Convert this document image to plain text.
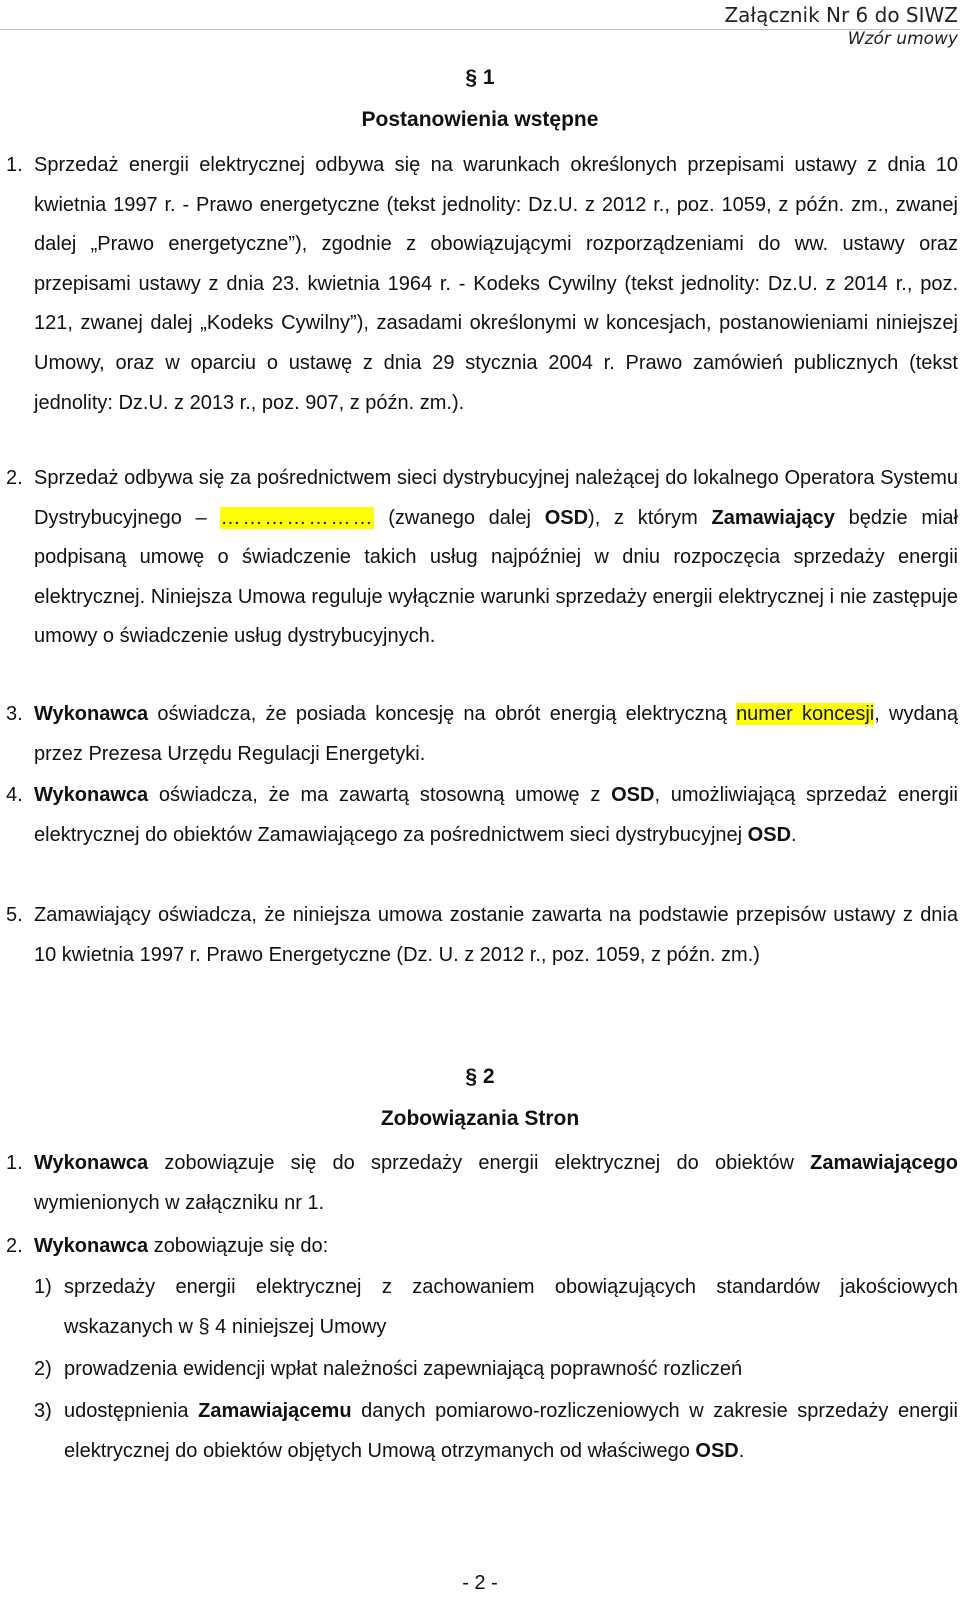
Załącznik Nr 6 do SIWZ
Wzór umowy
§ 1
Postanowienia wstępne
1. Sprzedaż energii elektrycznej odbywa się na warunkach określonych przepisami ustawy z dnia 10 kwietnia 1997 r. - Prawo energetyczne (tekst jednolity: Dz.U. z 2012 r., poz. 1059, z późn. zm., zwanej dalej „Prawo energetyczne”), zgodnie z obowiązującymi rozporządzeniami do ww. ustawy oraz przepisami ustawy z dnia 23. kwietnia 1964 r. - Kodeks Cywilny (tekst jednolity: Dz.U. z 2014 r., poz. 121, zwanej dalej „Kodeks Cywilny”), zasadami określonymi w koncesjach, postanowieniami niniejszej Umowy, oraz w oparciu o ustawę z dnia 29 stycznia 2004 r. Prawo zamówień publicznych (tekst jednolity: Dz.U. z 2013 r., poz. 907, z późn. zm.).
2. Sprzedaż odbywa się za pośrednictwem sieci dystrybucyjnej należącej do lokalnego Operatora Systemu Dystrybucyjnego – ………………… (zwanego dalej OSD), z którym Zamawiający będzie miał podpisaną umowę o świadczenie takich usług najpóźniej w dniu rozpoczęcia sprzedaży energii elektrycznej. Niniejsza Umowa reguluje wyłącznie warunki sprzedaży energii elektrycznej i nie zastępuje umowy o świadczenie usług dystrybucyjnych.
3. Wykonawca oświadcza, że posiada koncesję na obrót energią elektryczną numer koncesji, wydaną przez Prezesa Urzędu Regulacji Energetyki.
4. Wykonawca oświadcza, że ma zawartą stosowną umowę z OSD, umożliwiającą sprzedaż energii elektrycznej do obiektów Zamawiającego za pośrednictwem sieci dystrybucyjnej OSD.
5. Zamawiający oświadcza, że niniejsza umowa zostanie zawarta na podstawie przepisów ustawy z dnia 10 kwietnia 1997 r. Prawo Energetyczne (Dz. U. z 2012 r., poz. 1059, z późn. zm.)
§ 2
Zobowiązania Stron
1. Wykonawca zobowiązuje się do sprzedaży energii elektrycznej do obiektów Zamawiającego wymienionych w załączniku nr 1.
2. Wykonawca zobowiązuje się do:
1) sprzedaży energii elektrycznej z zachowaniem obowiązujących standardów jakościowych wskazanych w § 4 niniejszej Umowy
2) prowadzenia ewidencji wpłat należności zapewniającą poprawność rozliczeń
3) udostępnienia Zamawiającemu danych pomiarowo-rozliczeniowych w zakresie sprzedaży energii elektrycznej do obiektów objętych Umową otrzymanych od właściwego OSD.
- 2 -
